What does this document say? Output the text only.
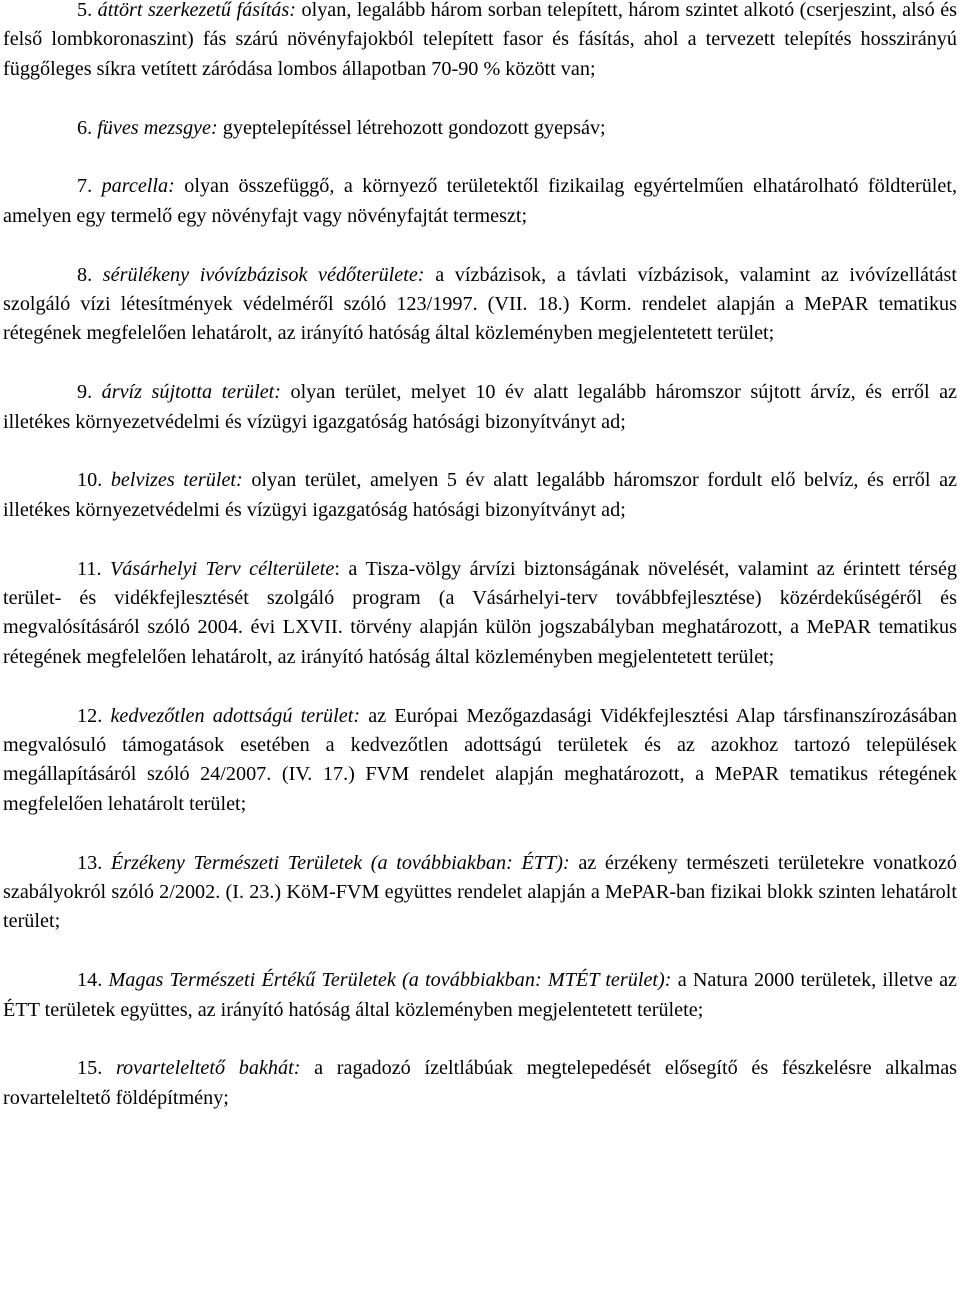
5. áttört szerkezetű fásítás: olyan, legalább három sorban telepített, három szintet alkotó (cserjeszint, alsó és felső lombkoronaszint) fás szárú növényfajokból telepített fasor és fásítás, ahol a tervezett telepítés hosszirányú függőleges síkra vetített záródása lombos állapotban 70-90 % között van;

6. füves mezsgye: gyeptelepítéssel létrehozott gondozott gyepsáv;

7. parcella: olyan összefüggő, a környező területektől fizikailag egyértelműen elhatárolható földterület, amelyen egy termelő egy növényfajt vagy növényfajtát termeszt;

8. sérülékeny ivóvízbázisok védőterülete: a vízbázisok, a távlati vízbázisok, valamint az ivóvízellátást szolgáló vízi létesítmények védelméről szóló 123/1997. (VII. 18.) Korm. rendelet alapján a MePAR tematikus rétegének megfelelően lehatárolt, az irányító hatóság által közleményben megjelentetett terület;

9. árvíz sújtotta terület: olyan terület, melyet 10 év alatt legalább háromszor sújtott árvíz, és erről az illetékes környezetvédelmi és vízügyi igazgatóság hatósági bizonyítványt ad;

10. belvizes terület: olyan terület, amelyen 5 év alatt legalább háromszor fordult elő belvíz, és erről az illetékes környezetvédelmi és vízügyi igazgatóság hatósági bizonyítványt ad;

11. Vásárhelyi Terv célterülete: a Tisza-völgy árvízi biztonságának növelését, valamint az érintett térség terület- és vidékfejlesztését szolgáló program (a Vásárhelyi-terv továbbfejlesztése) közérdekűségéről és megvalósításáról szóló 2004. évi LXVII. törvény alapján külön jogszabályban meghatározott, a MePAR tematikus rétegének megfelelően lehatárolt, az irányító hatóság által közleményben megjelentetett terület;

12. kedvezőtlen adottságú terület: az Európai Mezőgazdasági Vidékfejlesztési Alap társfinanszírozásában megvalósuló támogatások esetében a kedvezőtlen adottságú területek és az azokhoz tartozó települések megállapításáról szóló 24/2007. (IV. 17.) FVM rendelet alapján meghatározott, a MePAR tematikus rétegének megfelelően lehatárolt terület;

13. Érzékeny Természeti Területek (a továbbiakban: ÉTT): az érzékeny természeti területekre vonatkozó szabályokról szóló 2/2002. (I. 23.) KöM-FVM együttes rendelet alapján a MePAR-ban fizikai blokk szinten lehatárolt terület;

14. Magas Természeti Értékű Területek (a továbbiakban: MTÉT terület): a Natura 2000 területek, illetve az ÉTT területek együttes, az irányító hatóság által közleményben megjelentetett területe;

15. rovarteleltető bakhát: a ragadozó ízeltlábúak megtelepedését elősegítő és fészkelésre alkalmas rovarteleltető földépítmény;
